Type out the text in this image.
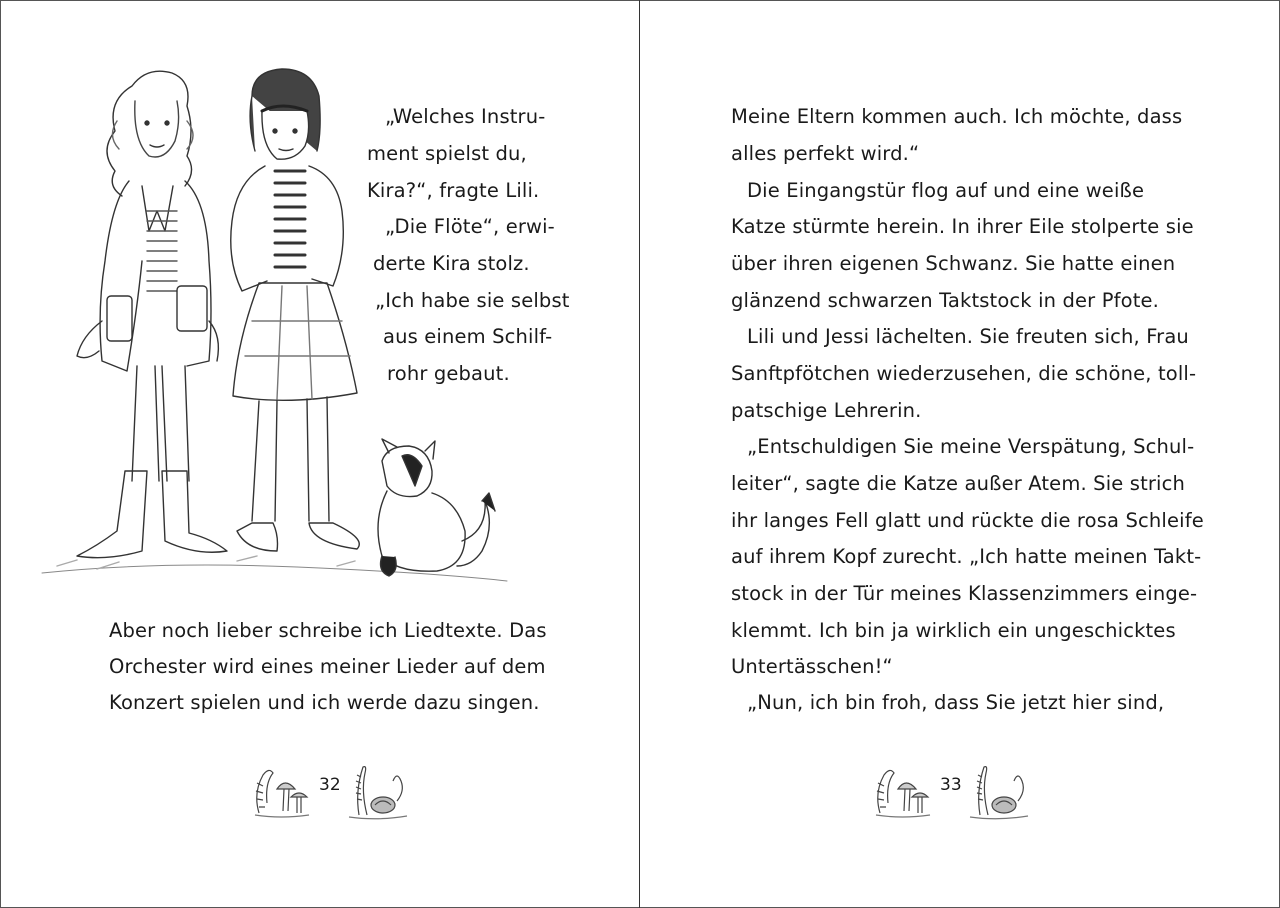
„Welches Instru-
ment spielst du,
Kira?“, fragte Lili.
„Die Flöte“, erwi-
derte Kira stolz.
„Ich habe sie selbst
aus einem Schilf-
rohr gebaut.
Aber noch lieber schreibe ich Liedtexte. Das
Orchester wird eines meiner Lieder auf dem
Konzert spielen und ich werde dazu singen.
32
Meine Eltern kommen auch. Ich möchte, dass
alles perfekt wird.“
Die Eingangstür flog auf und eine weiße
Katze stürmte herein. In ihrer Eile stolperte sie
über ihren eigenen Schwanz. Sie hatte einen
glänzend schwarzen Taktstock in der Pfote.
Lili und Jessi lächelten. Sie freuten sich, Frau
Sanftpfötchen wiederzusehen, die schöne, toll-
patschige Lehrerin.
„Entschuldigen Sie meine Verspätung, Schul-
leiter“, sagte die Katze außer Atem. Sie strich
ihr langes Fell glatt und rückte die rosa Schleife
auf ihrem Kopf zurecht. „Ich hatte meinen Takt-
stock in der Tür meines Klassenzimmers einge-
klemmt. Ich bin ja wirklich ein ungeschicktes
Untertässchen!“
„Nun, ich bin froh, dass Sie jetzt hier sind,
33
